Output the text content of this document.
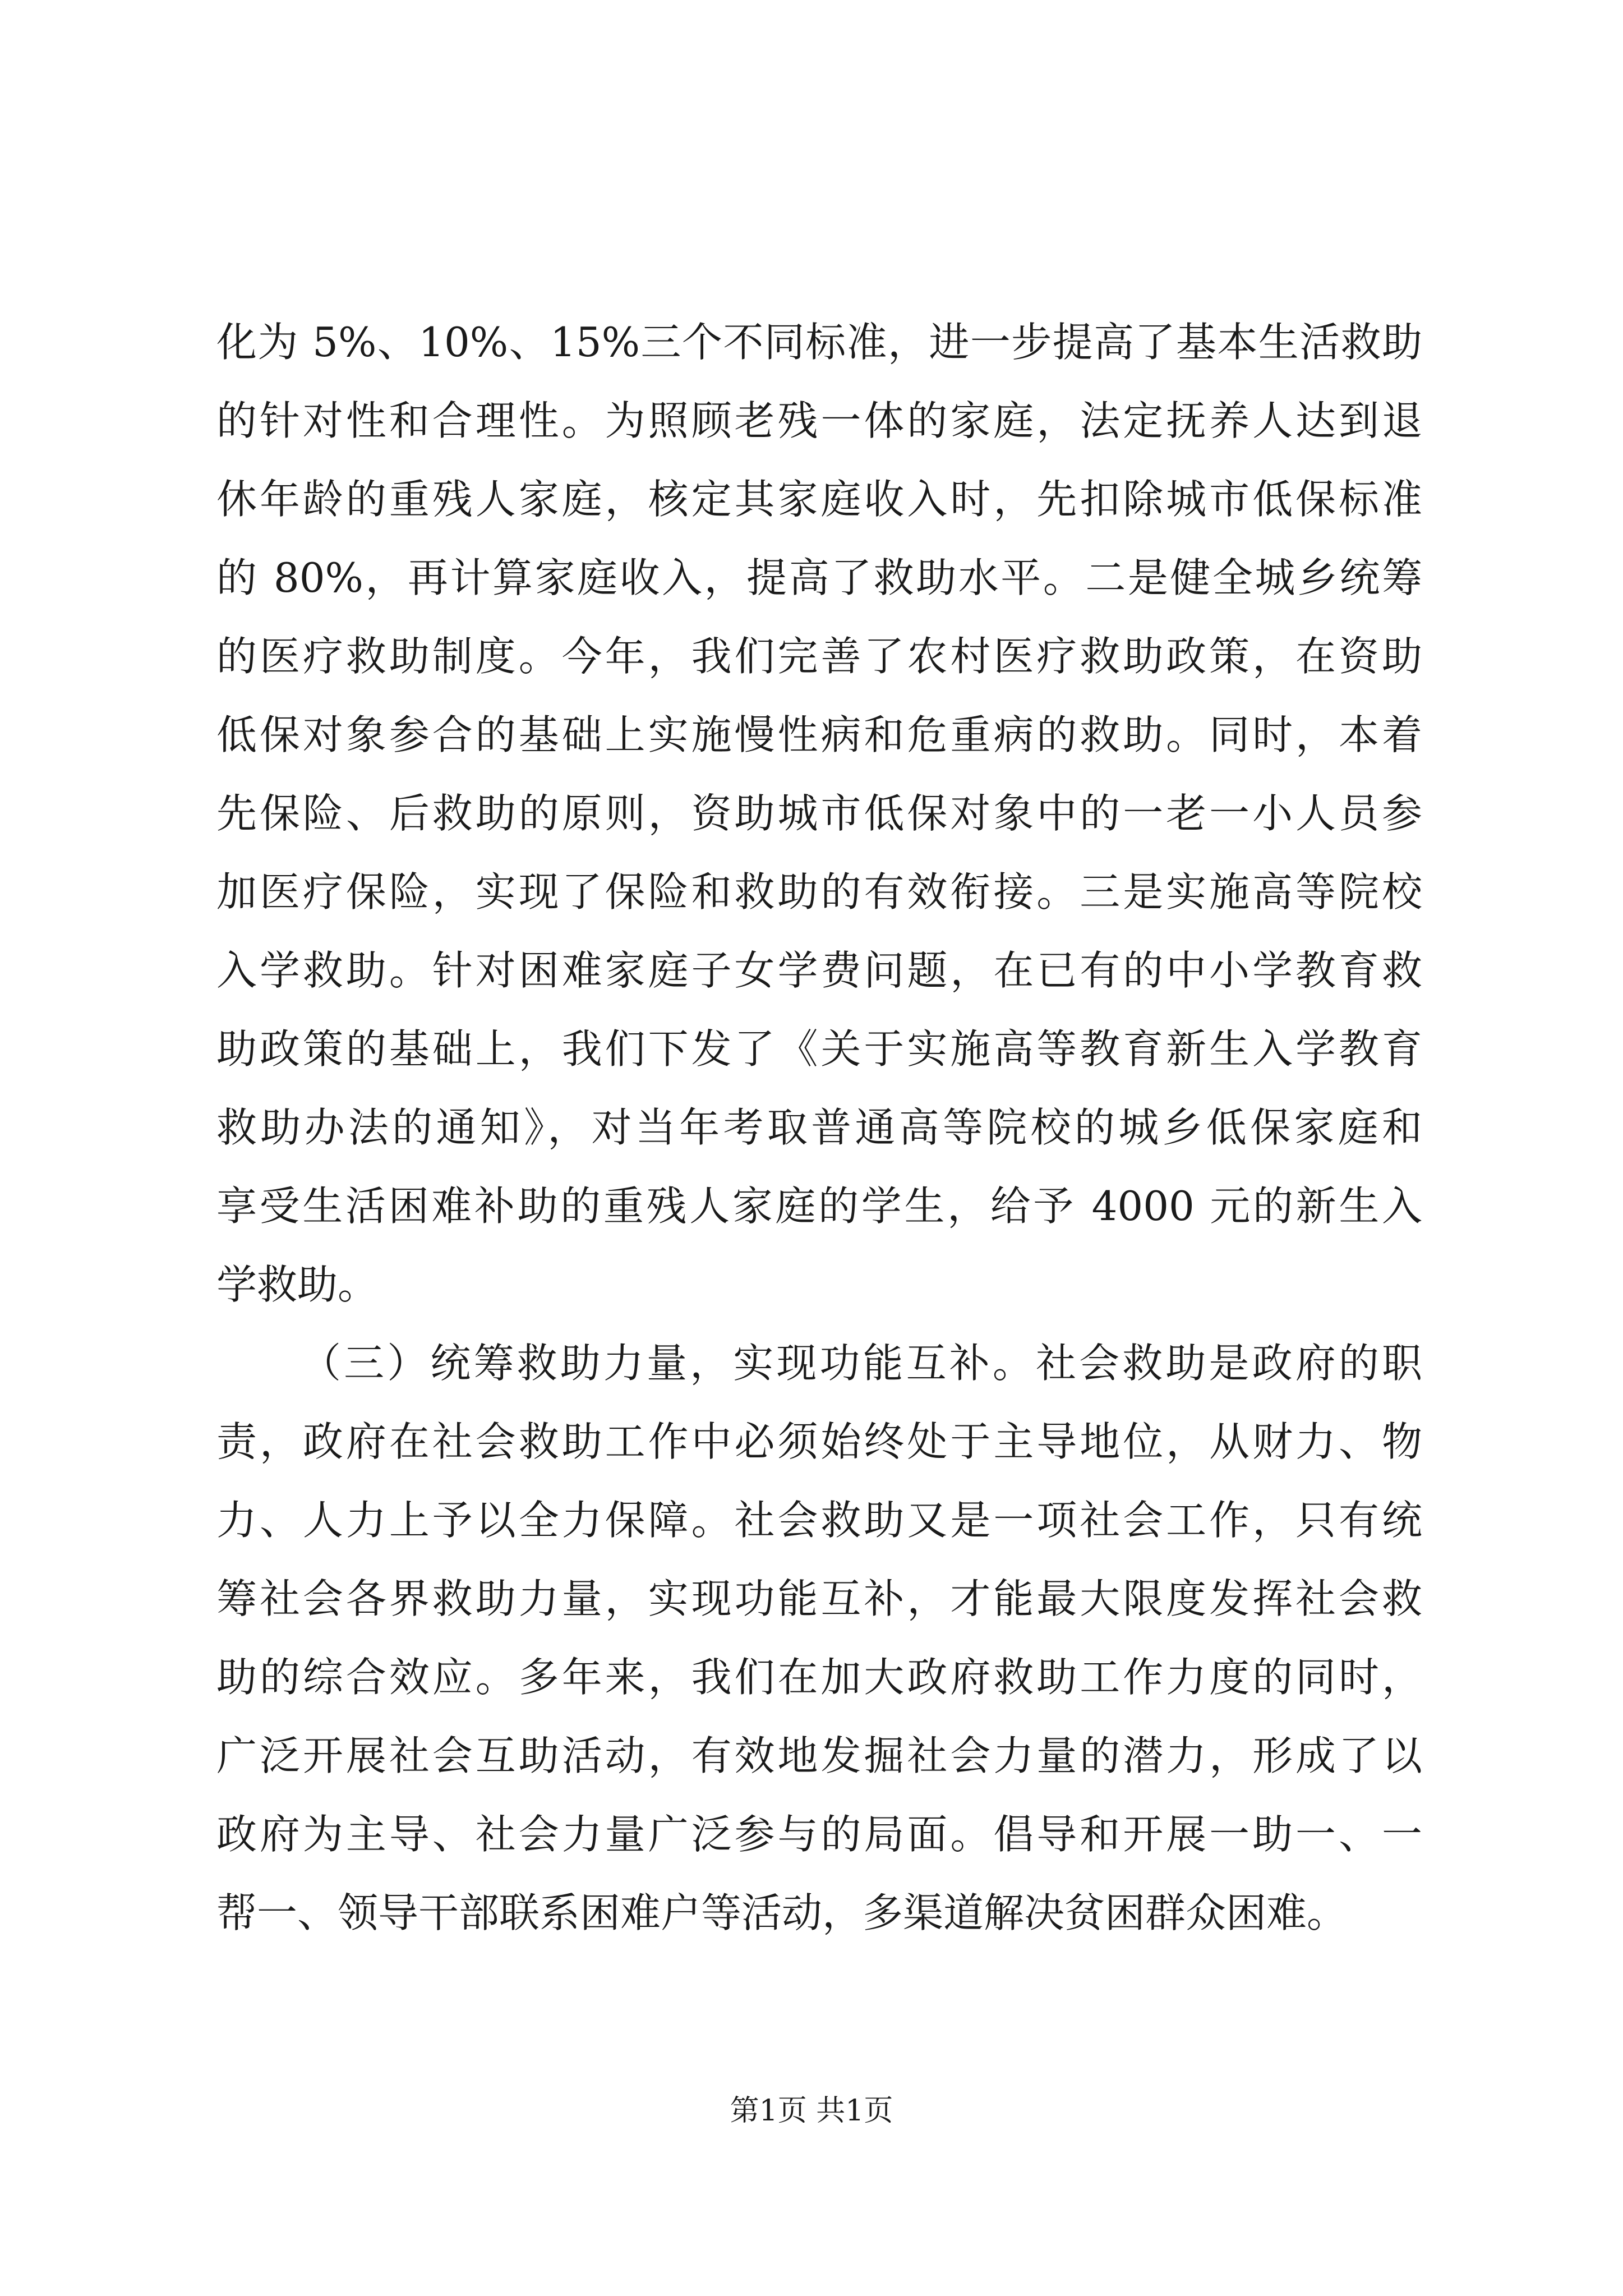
化为 5%、10%、15%三个不同标准，进一步提高了基本生活救助
的针对性和合理性。为照顾老残一体的家庭，法定抚养人达到退
休年龄的重残人家庭，核定其家庭收入时，先扣除城市低保标准
的 80%，再计算家庭收入，提高了救助水平。二是健全城乡统筹
的医疗救助制度。今年，我们完善了农村医疗救助政策，在资助
低保对象参合的基础上实施慢性病和危重病的救助。同时，本着
先保险、后救助的原则，资助城市低保对象中的一老一小人员参
加医疗保险，实现了保险和救助的有效衔接。三是实施高等院校
入学救助。针对困难家庭子女学费问题，在已有的中小学教育救
助政策的基础上，我们下发了《关于实施高等教育新生入学教育
救助办法的通知》，对当年考取普通高等院校的城乡低保家庭和
享受生活困难补助的重残人家庭的学生，给予 4000 元的新生入
学救助。
（三）统筹救助力量，实现功能互补。社会救助是政府的职
责，政府在社会救助工作中必须始终处于主导地位，从财力、物
力、人力上予以全力保障。社会救助又是一项社会工作，只有统
筹社会各界救助力量，实现功能互补，才能最大限度发挥社会救
助的综合效应。多年来，我们在加大政府救助工作力度的同时，
广泛开展社会互助活动，有效地发掘社会力量的潜力，形成了以
政府为主导、社会力量广泛参与的局面。倡导和开展一助一、一
帮一、领导干部联系困难户等活动，多渠道解决贫困群众困难。
第1页 共1页
